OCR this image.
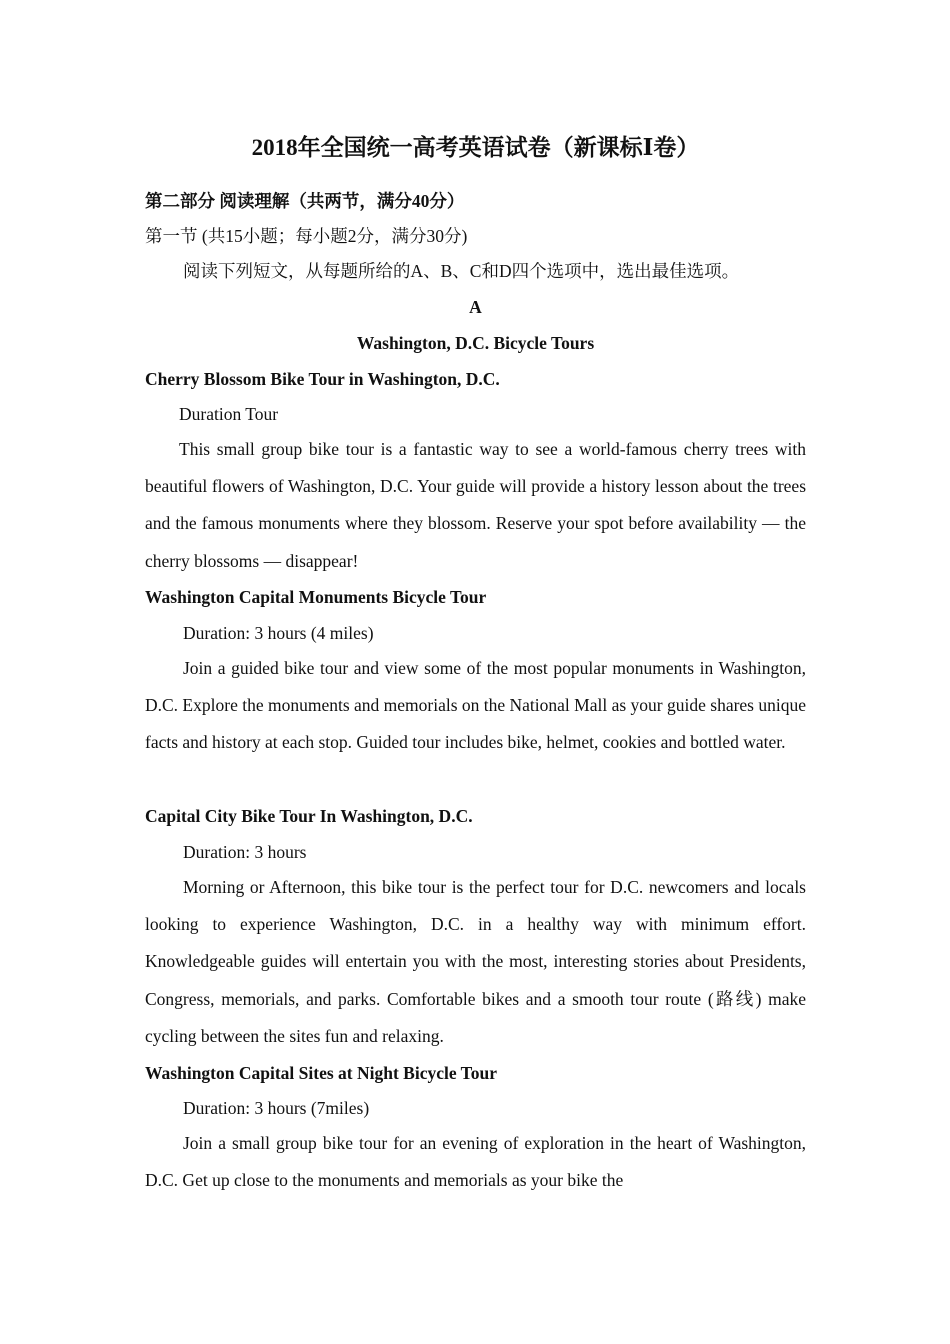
2018年全国统一高考英语试卷（新课标Ⅰ卷）
第二部分 阅读理解（共两节，满分40分）
第一节 (共15小题；每小题2分，满分30分)
阅读下列短文，从每题所给的A、B、C和D四个选项中，选出最佳选项。
A
Washington, D.C. Bicycle Tours
Cherry Blossom Bike Tour in Washington, D.C.
Duration Tour
This small group bike tour is a fantastic way to see a world-famous cherry trees with beautiful flowers of Washington, D.C. Your guide will provide a history lesson about the trees and the famous monuments where they blossom. Reserve your spot before availability — the cherry blossoms — disappear!
Washington Capital Monuments Bicycle Tour
Duration: 3 hours (4 miles)
Join a guided bike tour and view some of the most popular monuments in Washington, D.C. Explore the monuments and memorials on the National Mall as your guide shares unique facts and history at each stop. Guided tour includes bike, helmet, cookies and bottled water.
Capital City Bike Tour In Washington, D.C.
Duration: 3 hours
Morning or Afternoon, this bike tour is the perfect tour for D.C. newcomers and locals looking to experience Washington, D.C. in a healthy way with minimum effort. Knowledgeable guides will entertain you with the most, interesting stories about Presidents, Congress, memorials, and parks. Comfortable bikes and a smooth tour route (路线) make cycling between the sites fun and relaxing.
Washington Capital Sites at Night Bicycle Tour
Duration: 3 hours (7miles)
Join a small group bike tour for an evening of exploration in the heart of Washington, D.C. Get up close to the monuments and memorials as your bike the
